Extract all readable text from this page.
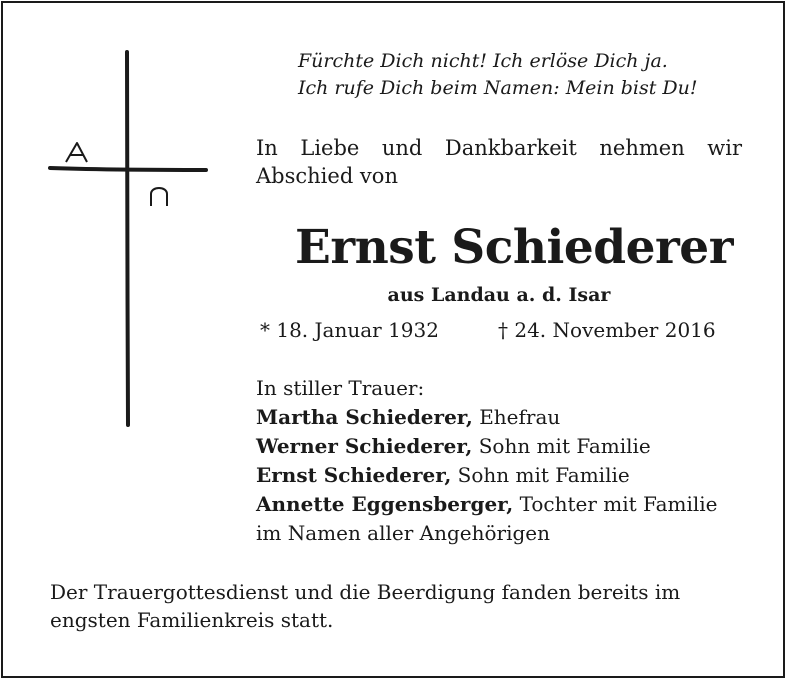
Fürchte Dich nicht! Ich erlöse Dich ja.
Ich rufe Dich beim Namen: Mein bist Du!
In Liebe und Dankbarkeit nehmen wir Abschied von
Ernst Schiederer
aus Landau a. d. Isar
* 18. Januar 1932	† 24. November 2016
In stiller Trauer:
Martha Schiederer, Ehefrau
Werner Schiederer, Sohn mit Familie
Ernst Schiederer, Sohn mit Familie
Annette Eggensberger, Tochter mit Familie
im Namen aller Angehörigen
Der Trauergottesdienst und die Beerdigung fanden bereits im engsten Familienkreis statt.
